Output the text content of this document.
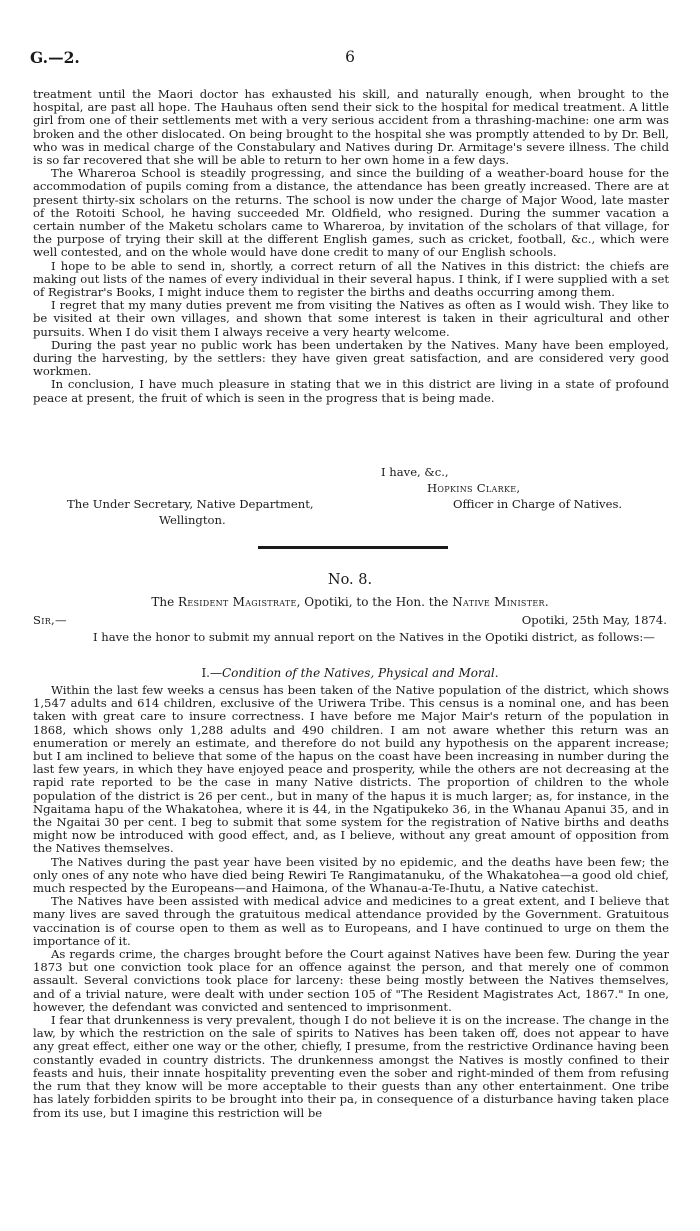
G.—2.	6

treatment until the Maori doctor has exhausted his skill, and naturally enough, when brought to the hospital, are past all hope. The Hauhaus often send their sick to the hospital for medical treatment. A little girl from one of their settlements met with a very serious accident from a thrashing-machine: one arm was broken and the other dislocated. On being brought to the hospital she was promptly attended to by Dr. Bell, who was in medical charge of the Constabulary and Natives during Dr. Armitage's severe illness. The child is so far recovered that she will be able to return to her own home in a few days.

The Whareroa School is steadily progressing, and since the building of a weather-board house for the accommodation of pupils coming from a distance, the attendance has been greatly increased. There are at present thirty-six scholars on the returns. The school is now under the charge of Major Wood, late master of the Rotoiti School, he having succeeded Mr. Oldfield, who resigned. During the summer vacation a certain number of the Maketu scholars came to Whareroa, by invitation of the scholars of that village, for the purpose of trying their skill at the different English games, such as cricket, football, &c., which were well contested, and on the whole would have done credit to many of our English schools.

I hope to be able to send in, shortly, a correct return of all the Natives in this district: the chiefs are making out lists of the names of every individual in their several hapus. I think, if I were supplied with a set of Registrar's Books, I might induce them to register the births and deaths occurring among them.

I regret that my many duties prevent me from visiting the Natives as often as I would wish. They like to be visited at their own villages, and shown that some interest is taken in their agricultural and other pursuits. When I do visit them I always receive a very hearty welcome.

During the past year no public work has been undertaken by the Natives. Many have been employed, during the harvesting, by the settlers: they have given great satisfaction, and are considered very good workmen.

In conclusion, I have much pleasure in stating that we in this district are living in a state of profound peace at present, the fruit of which is seen in the progress that is being made.

I have, &c.,
Hopkins Clarke,
The Under Secretary, Native Department,	Officer in Charge of Natives.
Wellington.
No. 8.
The Resident Magistrate, Opotiki, to the Hon. the Native Minister.
Sir,—	Opotiki, 25th May, 1874.
I have the honor to submit my annual report on the Natives in the Opotiki district, as follows:—
I.—Condition of the Natives, Physical and Moral.

Within the last few weeks a census has been taken of the Native population of the district, which shows 1,547 adults and 614 children, exclusive of the Uriwera Tribe. This census is a nominal one, and has been taken with great care to insure correctness. I have before me Major Mair's return of the population in 1868, which shows only 1,288 adults and 490 children. I am not aware whether this return was an enumeration or merely an estimate, and therefore do not build any hypothesis on the apparent increase; but I am inclined to believe that some of the hapus on the coast have been increasing in number during the last few years, in which they have enjoyed peace and prosperity, while the others are not decreasing at the rapid rate reported to be the case in many Native districts. The proportion of children to the whole population of the district is 26 per cent., but in many of the hapus it is much larger; as, for instance, in the Ngaitama hapu of the Whakatohea, where it is 44, in the Ngatipukeko 36, in the Whanau Apanui 35, and in the Ngaitai 30 per cent. I beg to submit that some system for the registration of Native births and deaths might now be introduced with good effect, and, as I believe, without any great amount of opposition from the Natives themselves.

The Natives during the past year have been visited by no epidemic, and the deaths have been few; the only ones of any note who have died being Rewiri Te Rangimatanuku, of the Whakatohea—a good old chief, much respected by the Europeans—and Haimona, of the Whanau-a-Te-Ihutu, a Native catechist.

The Natives have been assisted with medical advice and medicines to a great extent, and I believe that many lives are saved through the gratuitous medical attendance provided by the Government. Gratuitous vaccination is of course open to them as well as to Europeans, and I have continued to urge on them the importance of it.

As regards crime, the charges brought before the Court against Natives have been few. During the year 1873 but one conviction took place for an offence against the person, and that merely one of common assault. Several convictions took place for larceny: these being mostly between the Natives themselves, and of a trivial nature, were dealt with under section 105 of "The Resident Magistrates Act, 1867." In one, however, the defendant was convicted and sentenced to imprisonment.

I fear that drunkenness is very prevalent, though I do not believe it is on the increase. The change in the law, by which the restriction on the sale of spirits to Natives has been taken off, does not appear to have any great effect, either one way or the other, chiefly, I presume, from the restrictive Ordinance having been constantly evaded in country districts. The drunkenness amongst the Natives is mostly confined to their feasts and huis, their innate hospitality preventing even the sober and right-minded of them from refusing the rum that they know will be more acceptable to their guests than any other entertainment. One tribe has lately forbidden spirits to be brought into their pa, in consequence of a disturbance having taken place from its use, but I imagine this restriction will be
